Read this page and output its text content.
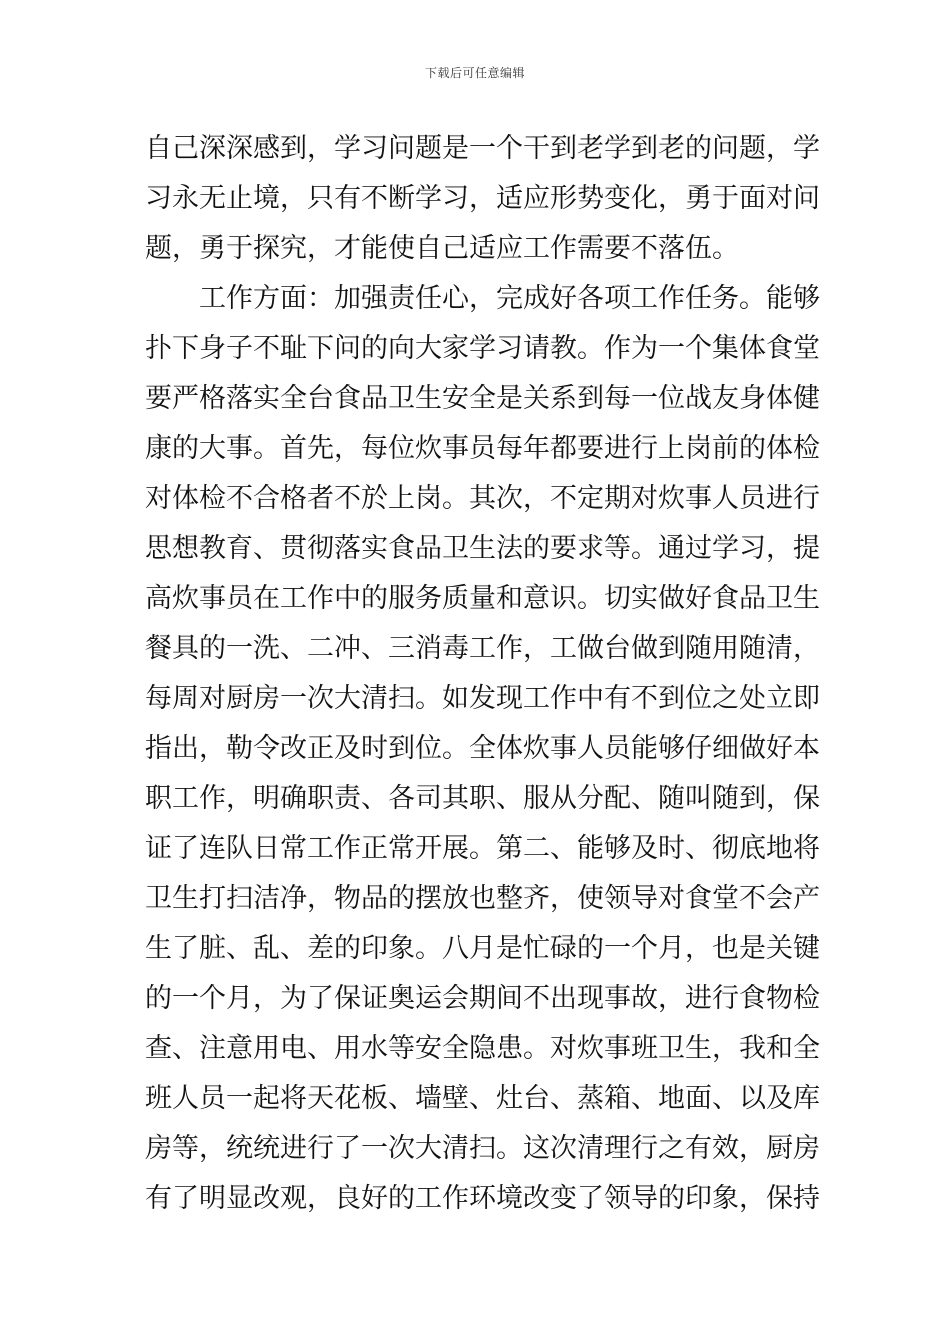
下载后可任意编辑
自己深深感到，学习问题是一个干到老学到老的问题，学
习永无止境，只有不断学习，适应形势变化，勇于面对问
题，勇于探究，才能使自己适应工作需要不落伍。
　　工作方面：加强责任心，完成好各项工作任务。能够
扑下身子不耻下问的向大家学习请教。作为一个集体食堂
要严格落实全台食品卫生安全是关系到每一位战友身体健
康的大事。首先，每位炊事员每年都要进行上岗前的体检
对体检不合格者不於上岗。其次，不定期对炊事人员进行
思想教育、贯彻落实食品卫生法的要求等。通过学习，提
高炊事员在工作中的服务质量和意识。切实做好食品卫生
餐具的一洗、二冲、三消毒工作，工做台做到随用随清，
每周对厨房一次大清扫。如发现工作中有不到位之处立即
指出，勒令改正及时到位。全体炊事人员能够仔细做好本
职工作，明确职责、各司其职、服从分配、随叫随到，保
证了连队日常工作正常开展。第二、能够及时、彻底地将
卫生打扫洁净，物品的摆放也整齐，使领导对食堂不会产
生了脏、乱、差的印象。八月是忙碌的一个月，也是关键
的一个月，为了保证奥运会期间不出现事故，进行食物检
查、注意用电、用水等安全隐患。对炊事班卫生，我和全
班人员一起将天花板、墙壁、灶台、蒸箱、地面、以及库
房等，统统进行了一次大清扫。这次清理行之有效，厨房
有了明显改观，良好的工作环境改变了领导的印象，保持
